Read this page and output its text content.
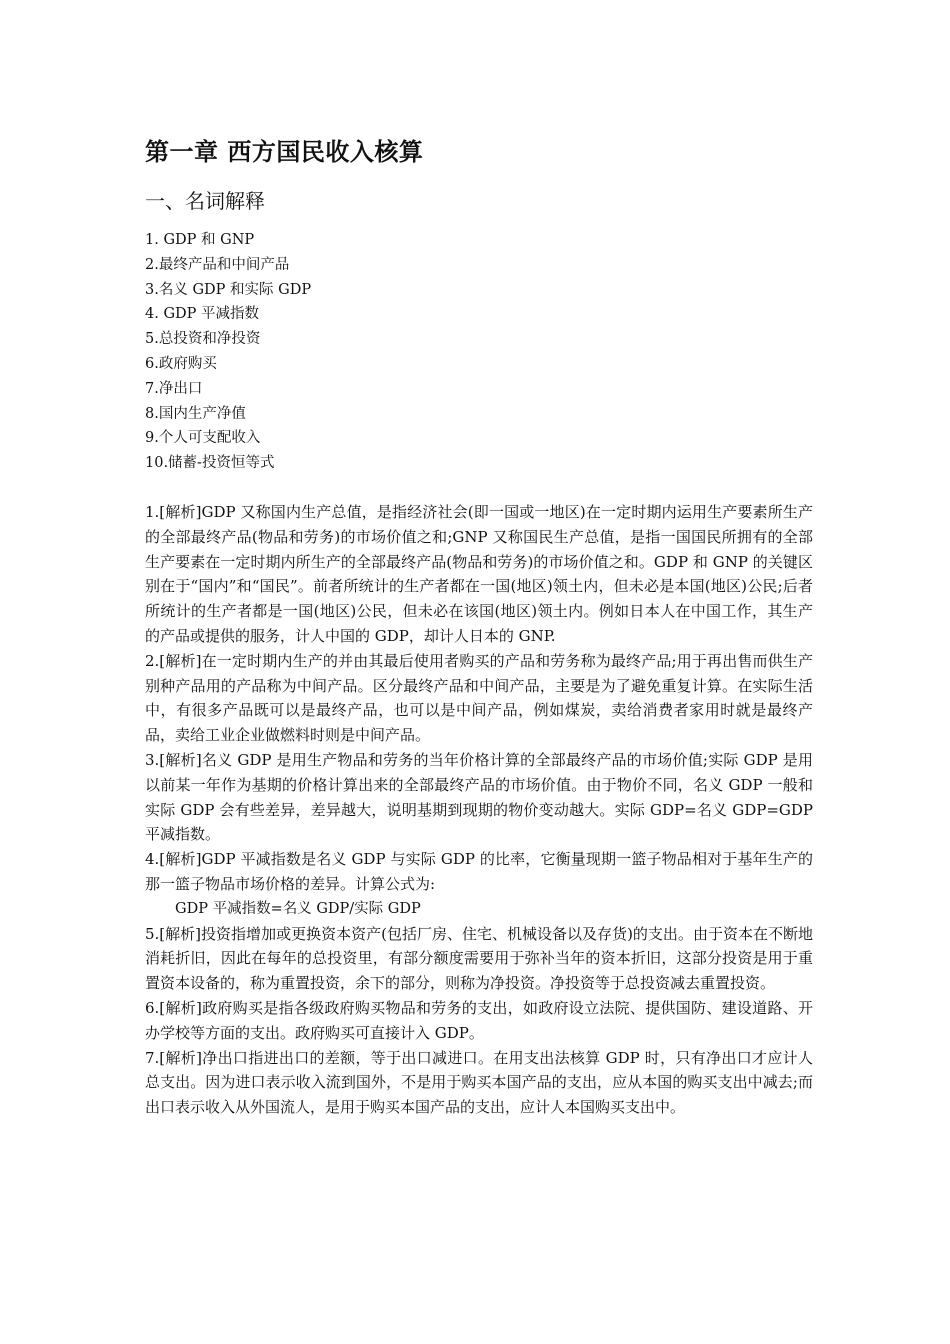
第一章 西方国民收入核算
一、名词解释
1. GDP 和 GNP
2.最终产品和中间产品
3.名义 GDP 和实际 GDP
4. GDP 平减指数
5.总投资和净投资
6.政府购买
7.净出口
8.国内生产净值
9.个人可支配收入
10.储蓄-投资恒等式

1.[解析]GDP 又称国内生产总值，是指经济社会(即一国或一地区)在一定时期内运用生产要素所生产的全部最终产品(物品和劳务)的市场价值之和;GNP 又称国民生产总值，是指一国国民所拥有的全部生产要素在一定时期内所生产的全部最终产品(物品和劳务)的市场价值之和。GDP 和 GNP 的关键区别在于“国内”和“国民”。前者所统计的生产者都在一国(地区)领土内，但未必是本国(地区)公民;后者所统计的生产者都是一国(地区)公民，但未必在该国(地区)领土内。例如日本人在中国工作，其生产的产品或提供的服务，计人中国的 GDP，却计人日本的 GNP.

2.[解析]在一定时期内生产的并由其最后使用者购买的产品和劳务称为最终产品;用于再出售而供生产别种产品用的产品称为中间产品。区分最终产品和中间产品，主要是为了避免重复计算。在实际生活中，有很多产品既可以是最终产品，也可以是中间产品，例如煤炭，卖给消费者家用时就是最终产品，卖给工业企业做燃料时则是中间产品。

3.[解析]名义 GDP 是用生产物品和劳务的当年价格计算的全部最终产品的市场价值;实际 GDP 是用以前某一年作为基期的价格计算出来的全部最终产品的市场价值。由于物价不同，名义 GDP 一般和实际 GDP 会有些差异，差异越大，说明基期到现期的物价变动越大。实际 GDP=名义 GDP=GDP 平减指数。

4.[解析]GDP 平减指数是名义 GDP 与实际 GDP 的比率，它衡量现期一篮子物品相对于基年生产的那一篮子物品市场价格的差异。计算公式为:

GDP 平减指数=名义 GDP/实际 GDP

5.[解析]投资指增加或更换资本资产(包括厂房、住宅、机械设备以及存货)的支出。由于资本在不断地消耗折旧，因此在每年的总投资里，有部分额度需要用于弥补当年的资本折旧，这部分投资是用于重置资本设备的，称为重置投资，余下的部分，则称为净投资。净投资等于总投资减去重置投资。

6.[解析]政府购买是指各级政府购买物品和劳务的支出，如政府设立法院、提供国防、建设道路、开办学校等方面的支出。政府购买可直接计入 GDP。

7.[解析]净出口指进出口的差额，等于出口减进口。在用支出法核算 GDP 时，只有净出口才应计人总支出。因为进口表示收入流到国外，不是用于购买本国产品的支出，应从本国的购买支出中减去;而出口表示收入从外国流人，是用于购买本国产品的支出，应计人本国购买支出中。
